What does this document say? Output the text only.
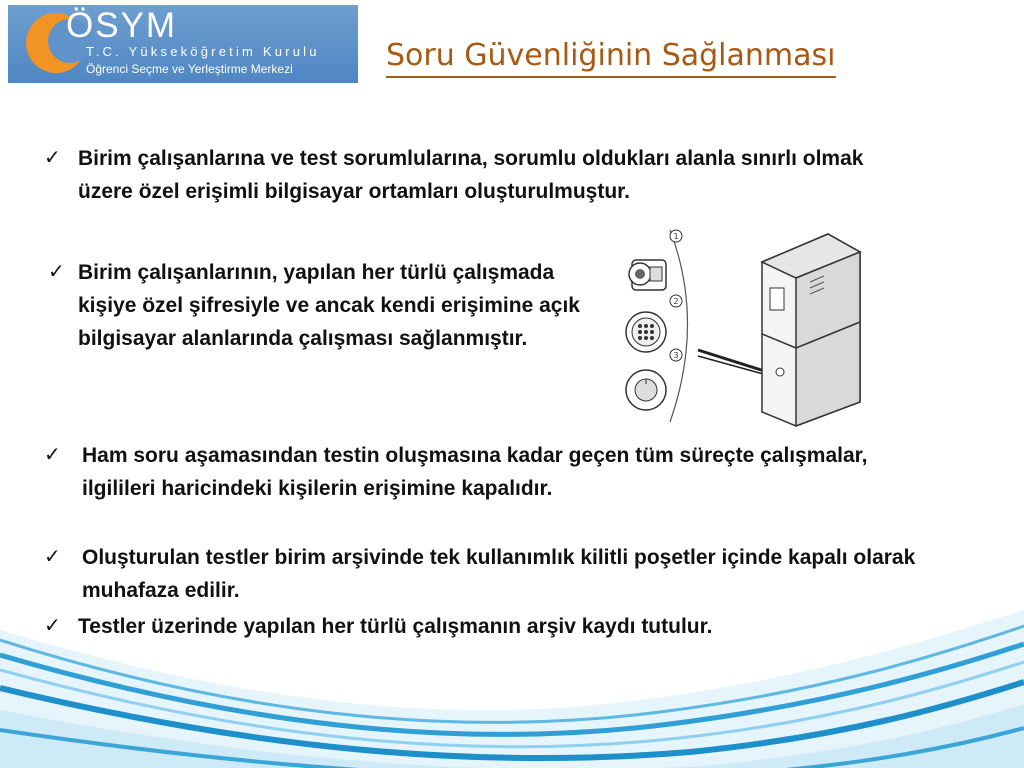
ÖSYM
T.C. Yükseköğretim Kurulu
Öğrenci Seçme ve Yerleştirme Merkezi	Soru Güvenliğinin Sağlanması
✓ Birim çalışanlarına ve test sorumlularına, sorumlu oldukları alanla sınırlı olmak üzere özel erişimli bilgisayar ortamları oluşturulmuştur.
✓ Birim çalışanlarının, yapılan her türlü çalışmada kişiye özel şifresiyle ve ancak kendi erişimine açık bilgisayar alanlarında çalışması sağlanmıştır.
1
2
3
✓	Ham soru aşamasından testin oluşmasına kadar geçen tüm süreçte çalışmalar, ilgilileri haricindeki kişilerin erişimine kapalıdır.
✓	Oluşturulan testler birim arşivinde tek kullanımlık kilitli poşetler içinde kapalı olarak muhafaza edilir.
✓ Testler üzerinde yapılan her türlü çalışmanın arşiv kaydı tutulur.
